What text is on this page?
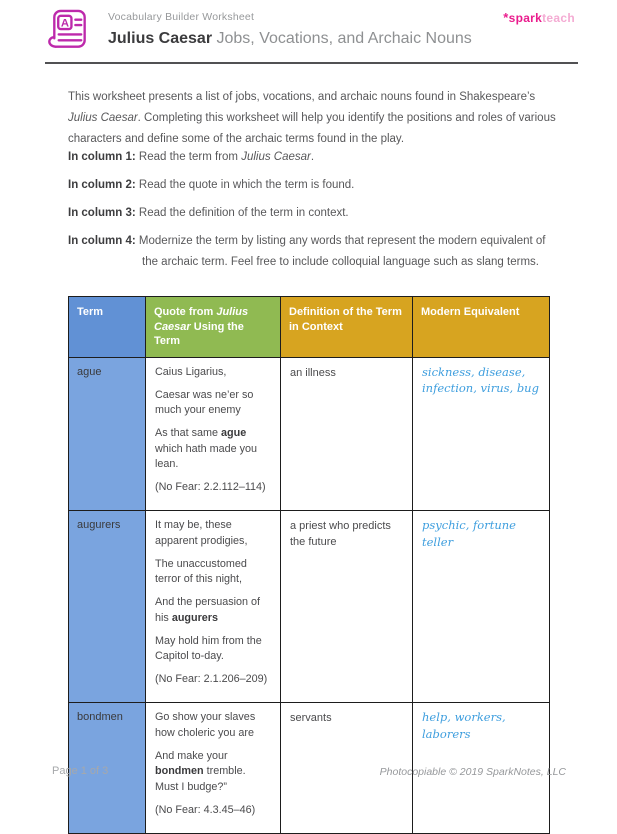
A
Vocabulary Builder Worksheet
Julius Caesar Jobs, Vocations, and Archaic Nouns
*sparkteach

This worksheet presents a list of jobs, vocations, and archaic nouns found in Shakespeare’s Julius Caesar. Completing this worksheet will help you identify the positions and roles of various characters and define some of the archaic terms found in the play.

In column 1: Read the term from Julius Caesar.

In column 2: Read the quote in which the term is found.

In column 3: Read the definition of the term in context.

In column 4: Modernize the term by listing any words that represent the modern equivalent of the archaic term. Feel free to include colloquial language such as slang terms.

Term	Quote from Julius Caesar Using the Term	Definition of the Term in Context	Modern Equivalent
ague	Caius Ligarius,

Caesar was ne’er so much your enemy

As that same ague which hath made you lean.

(No Fear: 2.2.112–114)	an illness	sickness, disease, infection, virus, bug
augurers	It may be, these apparent prodigies,

The unaccustomed terror of this night,

And the persuasion of his augurers

May hold him from the Capitol to-day.

(No Fear: 2.1.206–209)	a priest who predicts the future	psychic, fortune teller
bondmen	Go show your slaves how choleric you are

And make your bondmen tremble. Must I budge?”

(No Fear: 4.3.45–46)	servants	help, workers, laborers
Page 1 of 3	Photocopiable © 2019 SparkNotes, LLC
